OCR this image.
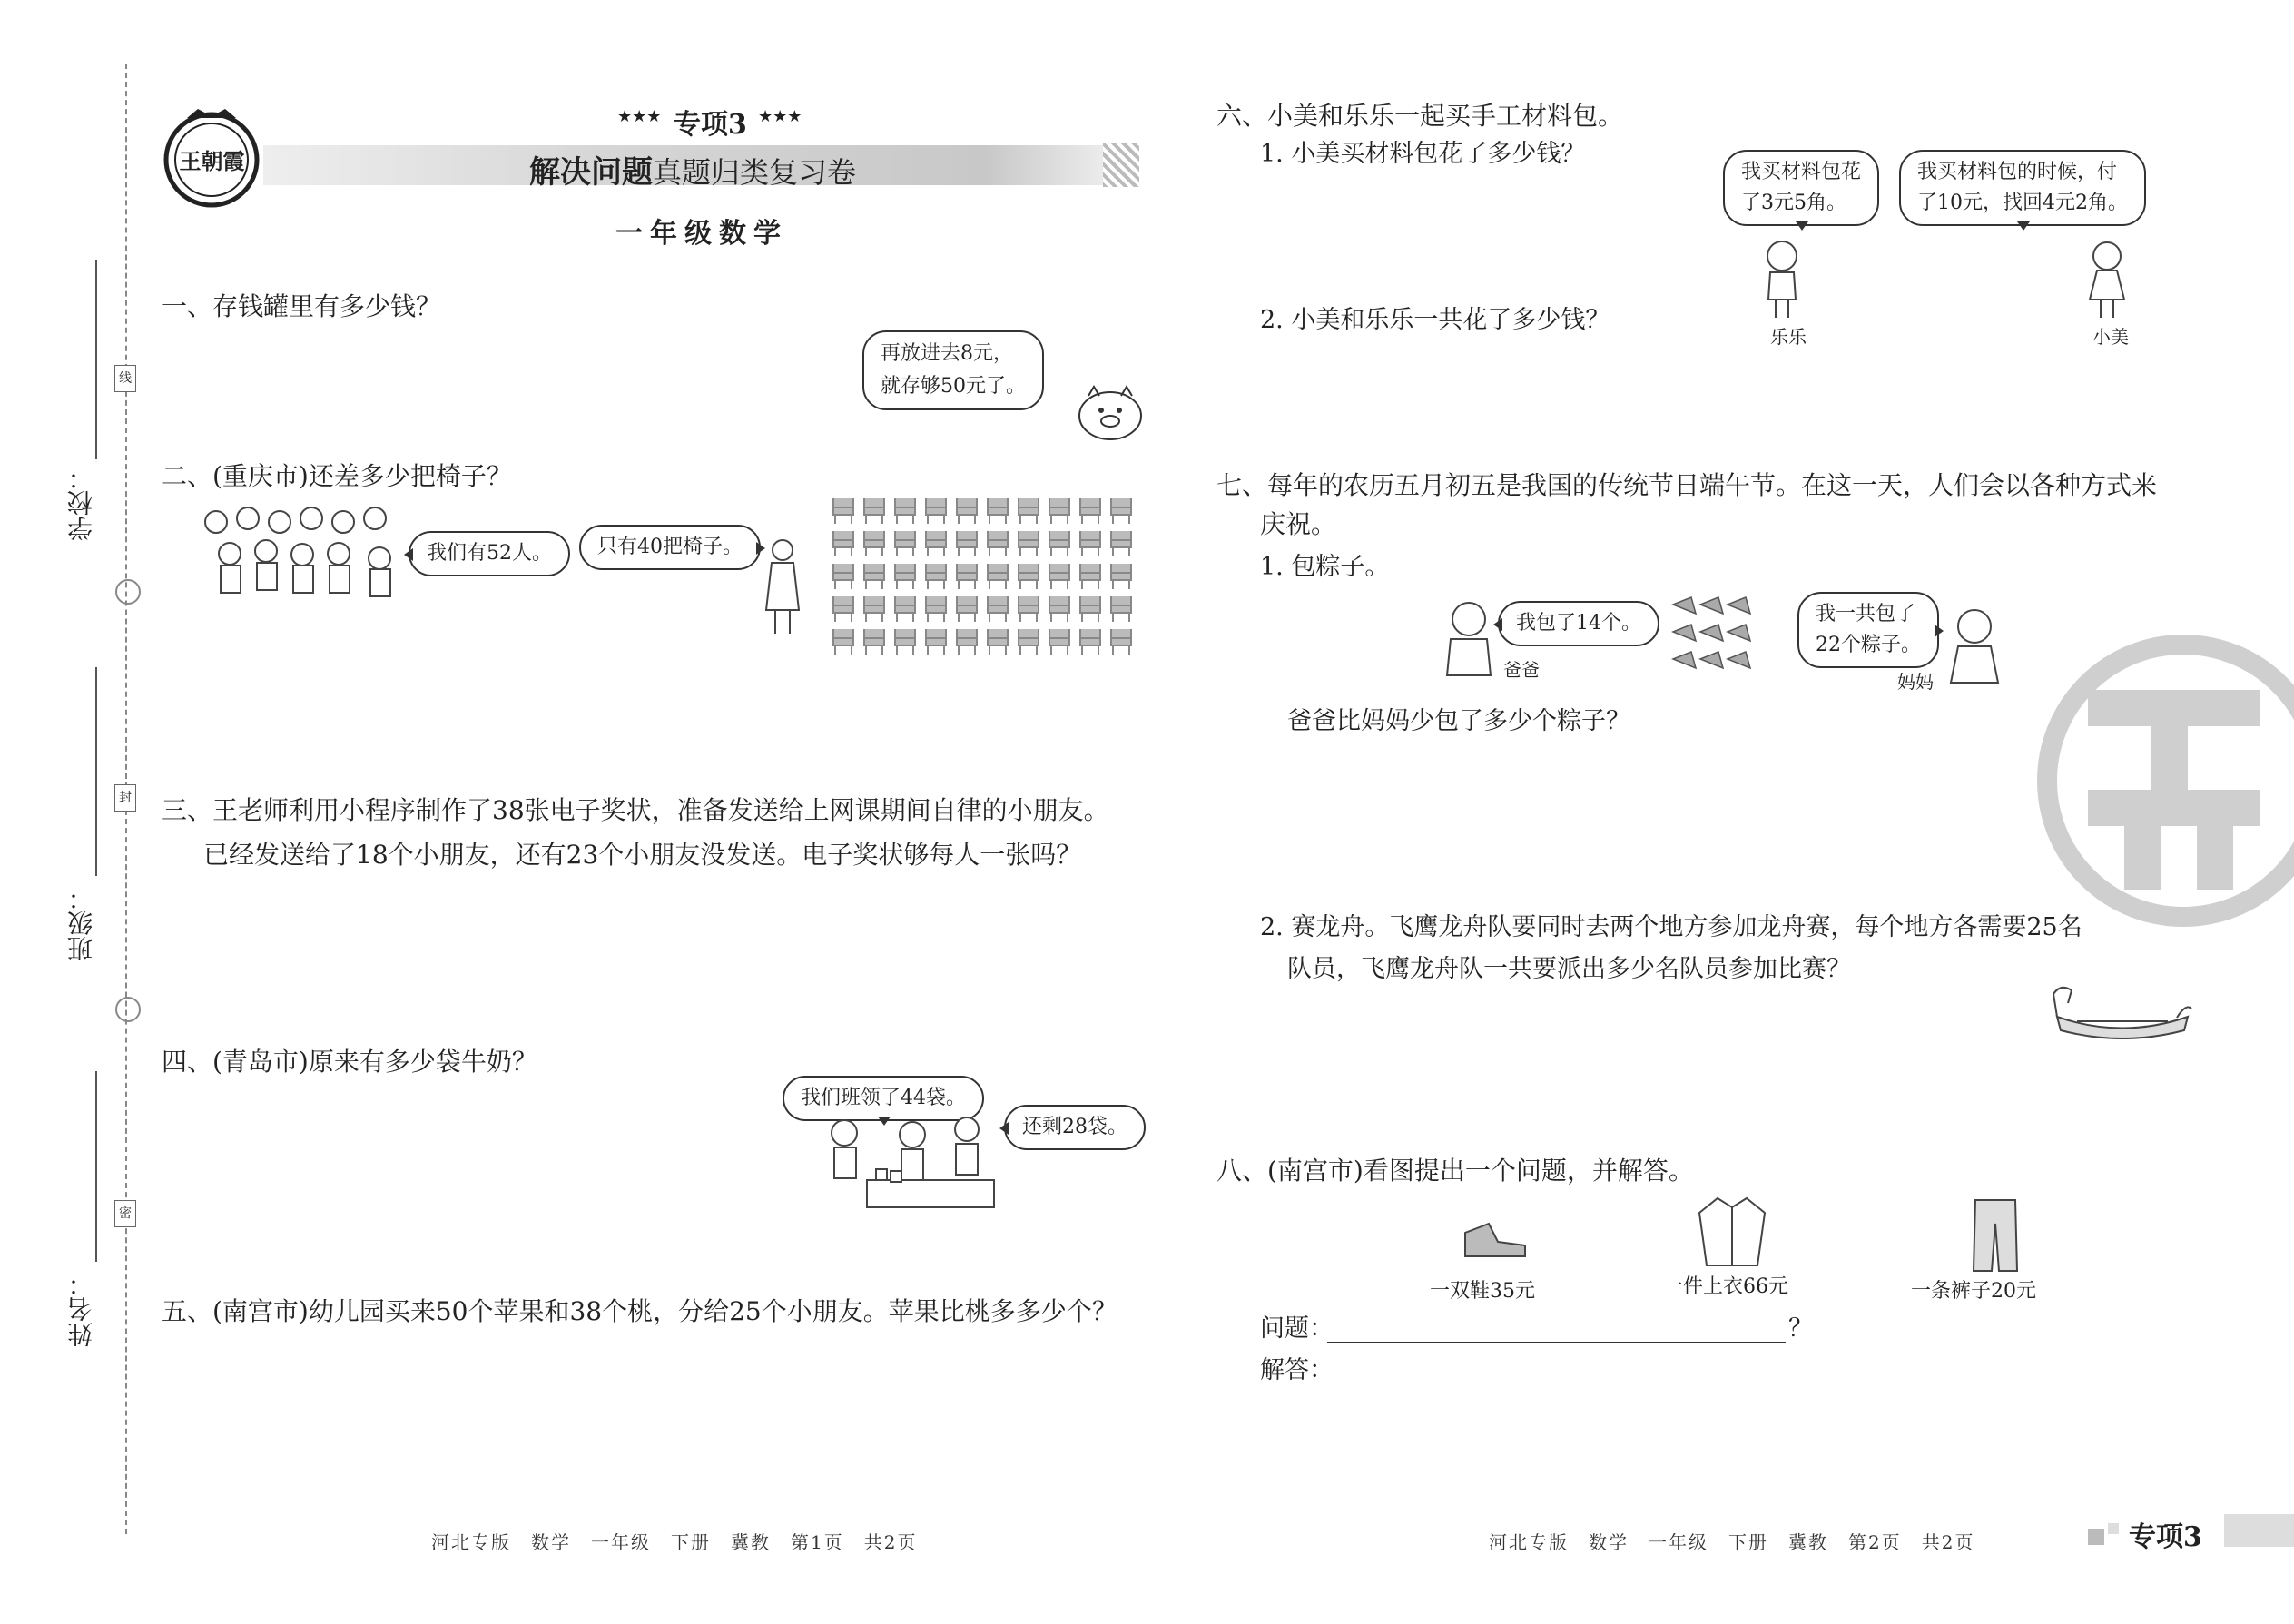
线
封
密
学校：
班级：
姓名：
王朝霞
★★★ 专项3 ★★★
解决问题真题归类复习卷
一年级数学
一、存钱罐里有多少钱？
再放进去8元，
就存够50元了。
二、(重庆市)还差多少把椅子？
我们有52人。	只有40把椅子。
三、王老师利用小程序制作了38张电子奖状，准备发送给上网课期间自律的小朋友。
已经发送给了18个小朋友，还有23个小朋友没发送。电子奖状够每人一张吗？
四、(青岛市)原来有多少袋牛奶？
我们班领了44袋。
还剩28袋。
五、(南宫市)幼儿园买来50个苹果和38个桃，分给25个小朋友。苹果比桃多多少个？
六、小美和乐乐一起买手工材料包。
1. 小美买材料包花了多少钱？
2. 小美和乐乐一共花了多少钱？
我买材料包花
了3元5角。
我买材料包的时候，付
了10元，找回4元2角。
乐乐	小美
七、每年的农历五月初五是我国的传统节日端午节。在这一天，人们会以各种方式来
庆祝。
1. 包粽子。
我包了14个。
爸爸
我一共包了
22个粽子。
妈妈
爸爸比妈妈少包了多少个粽子？
2. 赛龙舟。飞鹰龙舟队要同时去两个地方参加龙舟赛，每个地方各需要25名
队员，飞鹰龙舟队一共要派出多少名队员参加比赛？
八、(南宫市)看图提出一个问题，并解答。
一双鞋35元	一件上衣66元	一条裤子20元
问题：	？
解答：
河北专版　数学　一年级　下册　冀教　第1页　共2页	河北专版　数学　一年级　下册　冀教　第2页　共2页	专项3
